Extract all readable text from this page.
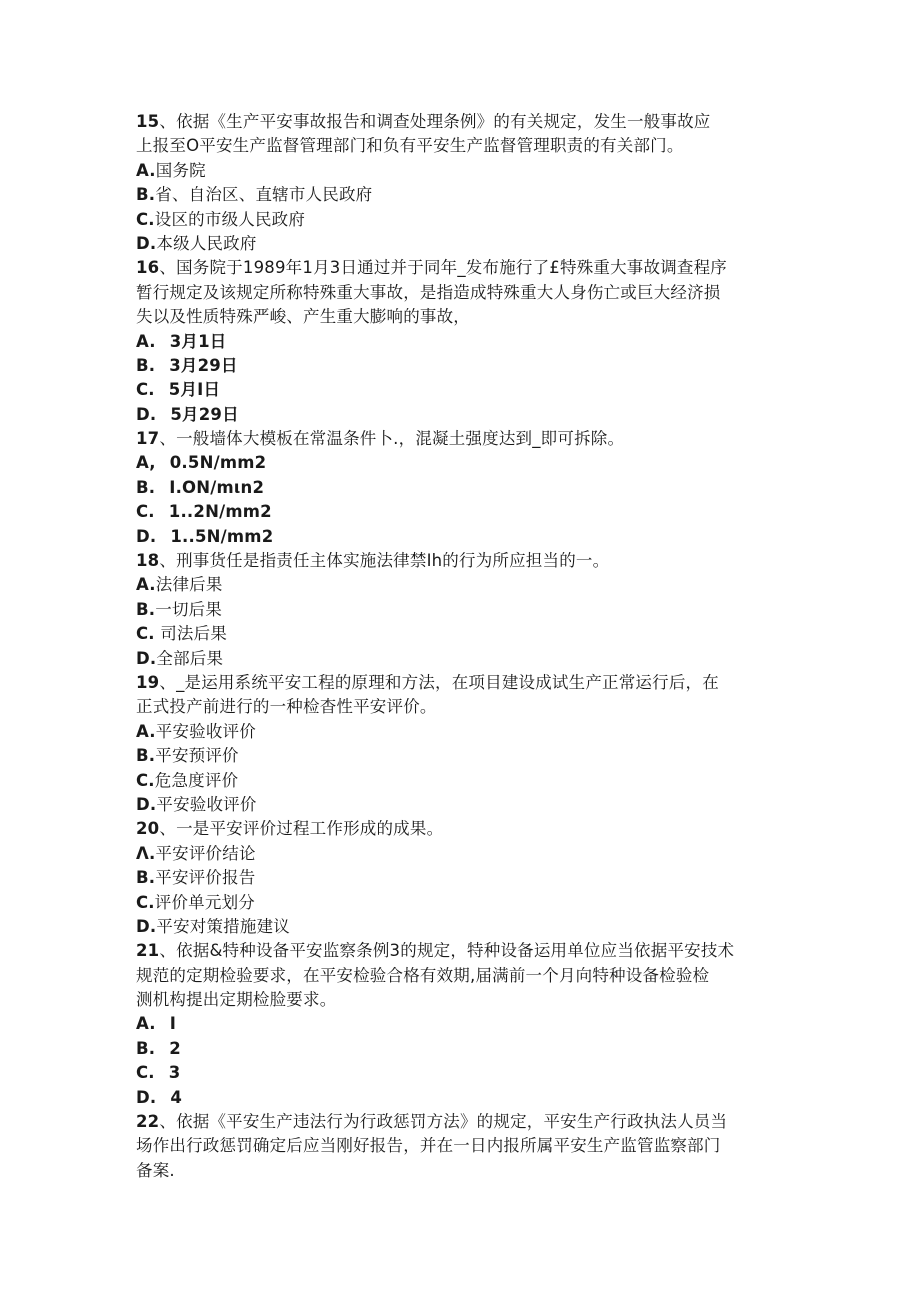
15、依据《生产平安事故报告和调查处理条例》的有关规定，发生一般事故应
上报至O平安生产监督管理部门和负有平安生产监督管理职责的有关部门。
A.国务院
B.省、自治区、直辖市人民政府
C.设区的市级人民政府
D.本级人民政府
16、国务院于1989年1月3日通过并于同年_发布施行了£特殊重大事故调查程序
暂行规定及该规定所称特殊重大事故，是指造成特殊重大人身伤亡或巨大经济损
失以及性质特殊严峻、产生重大膨响的事故，
A. 3月1日
B. 3月29日
C. 5月I日
D. 5月29日
17、一般墙体大模板在常温条件卜.，混凝土强度达到_即可拆除。
A, 0.5N/mm2
B. I.ON/mιn2
C. 1..2N/mm2
D. 1..5N/mm2
18、刑事货任是指责任主体实施法律禁Ih的行为所应担当的一。
A.法律后果
B.一切后果
C. 司法后果
D.全部后果
19、_是运用系统平安工程的原理和方法，在项目建设成试生产正常运行后，在
正式投产前进行的一种检杳性平安评价。
A.平安验收评价
B.平安预评价
C.危急度评价
D.平安验收评价
20、一是平安评价过程工作形成的成果。
Λ.平安评价结论
B.平安评价报告
C.评价单元划分
D.平安对策措施建议
21、依据&特种设备平安监察条例3的规定，特种设备运用单位应当依据平安技术
规范的定期检验要求，在平安检验合格有效期,届满前一个月向特种设备检验检
测机构提出定期检脸要求。
A. I
B. 2
C. 3
D. 4
22、依据《平安生产违法行为行政惩罚方法》的规定，平安生产行政执法人员当
场作出行政惩罚确定后应当刚好报告，并在一日内报所属平安生产监管监察部门
备案.
